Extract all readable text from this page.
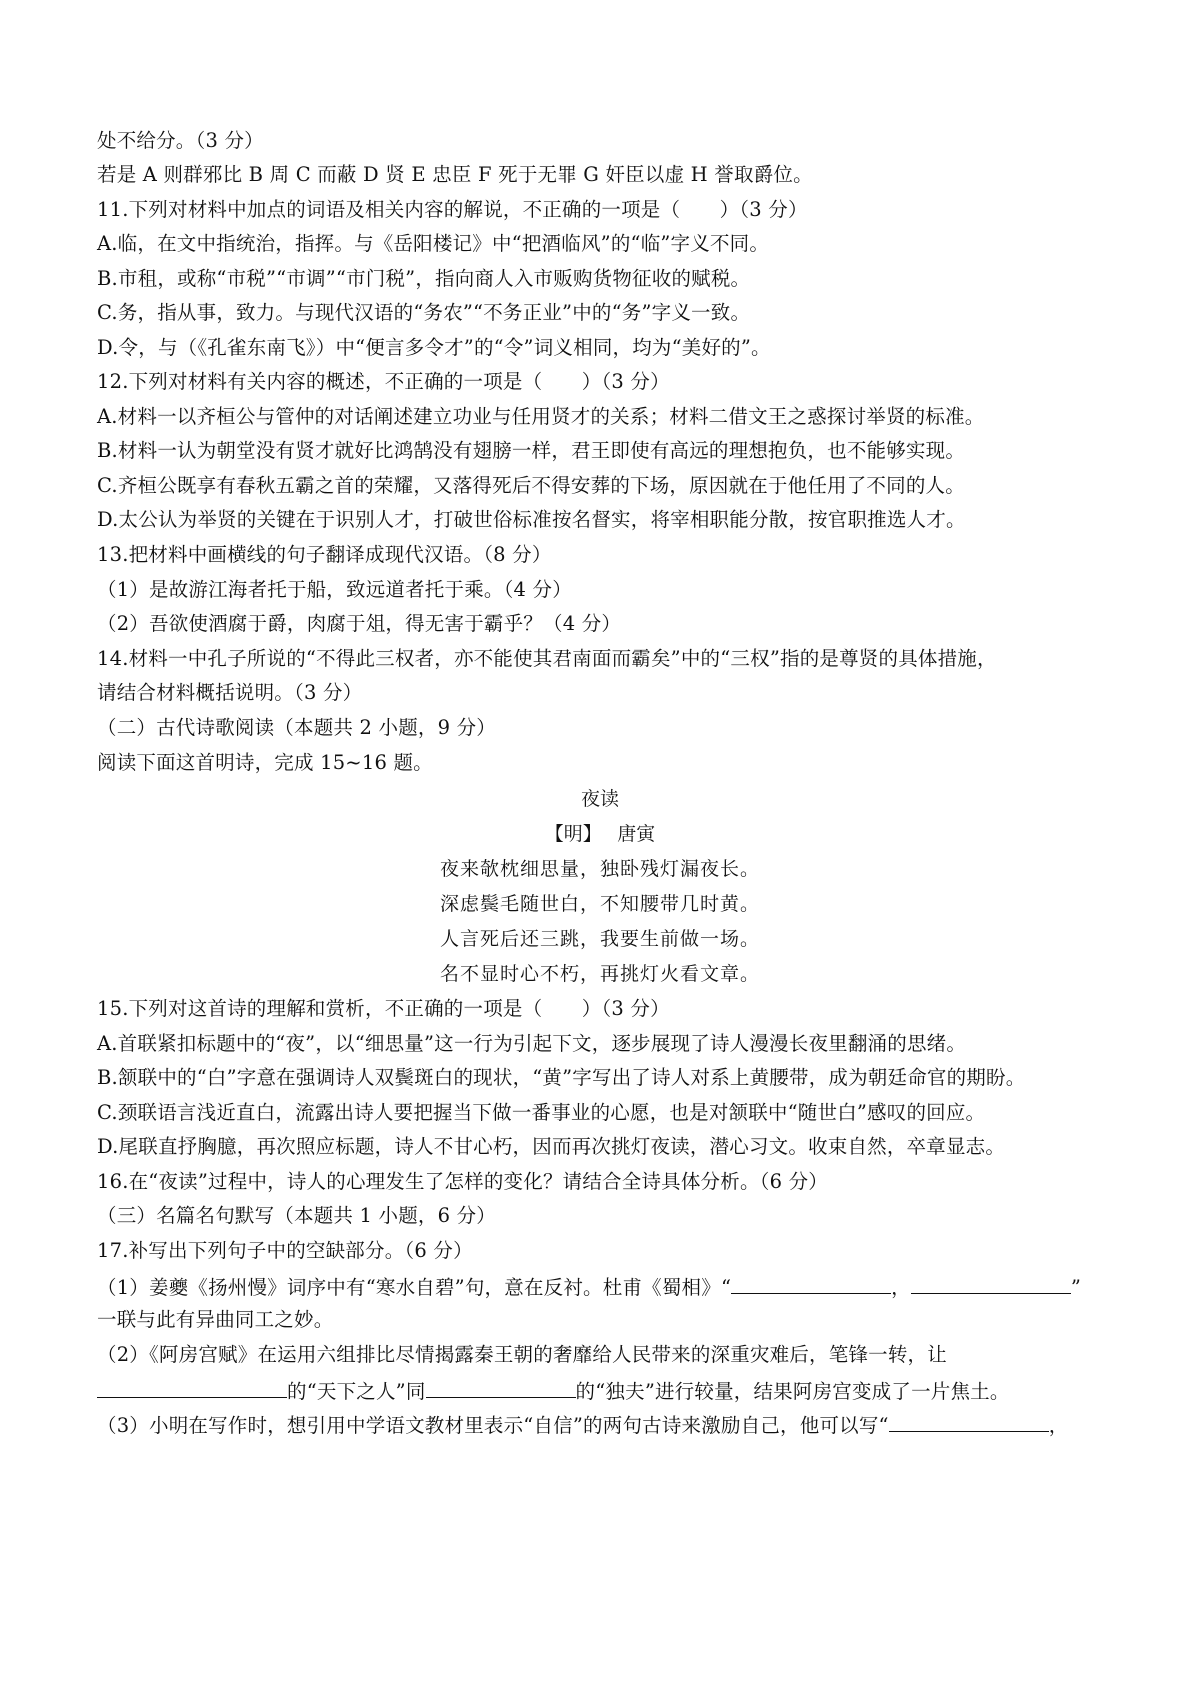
处不给分。（3 分）
若是 A 则群邪比 B 周 C 而蔽 D 贤 E 忠臣 F 死于无罪 G 奸臣以虚 H 誉取爵位。
11.下列对材料中加点的词语及相关内容的解说，不正确的一项是（　　）（3 分）
A.临，在文中指统治，指挥。与《岳阳楼记》中“把酒临风”的“临”字义不同。
B.市租，或称“市税”“市调”“市门税”，指向商人入市贩购货物征收的赋税。
C.务，指从事，致力。与现代汉语的“务农”“不务正业”中的“务”字义一致。
D.令，与（《孔雀东南飞》）中“便言多令才”的“令”词义相同，均为“美好的”。
12.下列对材料有关内容的概述，不正确的一项是（　　）（3 分）
A.材料一以齐桓公与管仲的对话阐述建立功业与任用贤才的关系；材料二借文王之惑探讨举贤的标准。
B.材料一认为朝堂没有贤才就好比鸿鹄没有翅膀一样，君王即使有高远的理想抱负，也不能够实现。
C.齐桓公既享有春秋五霸之首的荣耀，又落得死后不得安葬的下场，原因就在于他任用了不同的人。
D.太公认为举贤的关键在于识别人才，打破世俗标准按名督实，将宰相职能分散，按官职推选人才。
13.把材料中画横线的句子翻译成现代汉语。（8 分）
（1）是故游江海者托于船，致远道者托于乘。（4 分）
（2）吾欲使酒腐于爵，肉腐于俎，得无害于霸乎？（4 分）
14.材料一中孔子所说的“不得此三权者，亦不能使其君南面而霸矣”中的“三权”指的是尊贤的具体措施，
请结合材料概括说明。（3 分）
（二）古代诗歌阅读（本题共 2 小题，9 分）
阅读下面这首明诗，完成 15~16 题。
夜读
【明】　 唐寅
夜来欹枕细思量，独卧残灯漏夜长。
深虑鬓毛随世白，不知腰带几时黄。
人言死后还三跳，我要生前做一场。
名不显时心不朽，再挑灯火看文章。
15.下列对这首诗的理解和赏析，不正确的一项是（　　）（3 分）
A.首联紧扣标题中的“夜”，以“细思量”这一行为引起下文，逐步展现了诗人漫漫长夜里翻涌的思绪。
B.颔联中的“白”字意在强调诗人双鬓斑白的现状，“黄”字写出了诗人对系上黄腰带，成为朝廷命官的期盼。
C.颈联语言浅近直白，流露出诗人要把握当下做一番事业的心愿，也是对颔联中“随世白”感叹的回应。
D.尾联直抒胸臆，再次照应标题，诗人不甘心朽，因而再次挑灯夜读，潜心习文。收束自然，卒章显志。
16.在“夜读”过程中，诗人的心理发生了怎样的变化？请结合全诗具体分析。（6 分）
（三）名篇名句默写（本题共 1 小题，6 分）
17.补写出下列句子中的空缺部分。（6 分）
（1）姜夔《扬州慢》词序中有“寒水自碧”句，意在反衬。杜甫《蜀相》“	，	”
一联与此有异曲同工之妙。
（2）《阿房宫赋》在运用六组排比尽情揭露秦王朝的奢靡给人民带来的深重灾难后，笔锋一转，让
的“天下之人”同	的“独夫”进行较量，结果阿房宫变成了一片焦土。
（3）小明在写作时，想引用中学语文教材里表示“自信”的两句古诗来激励自己，他可以写“	，
